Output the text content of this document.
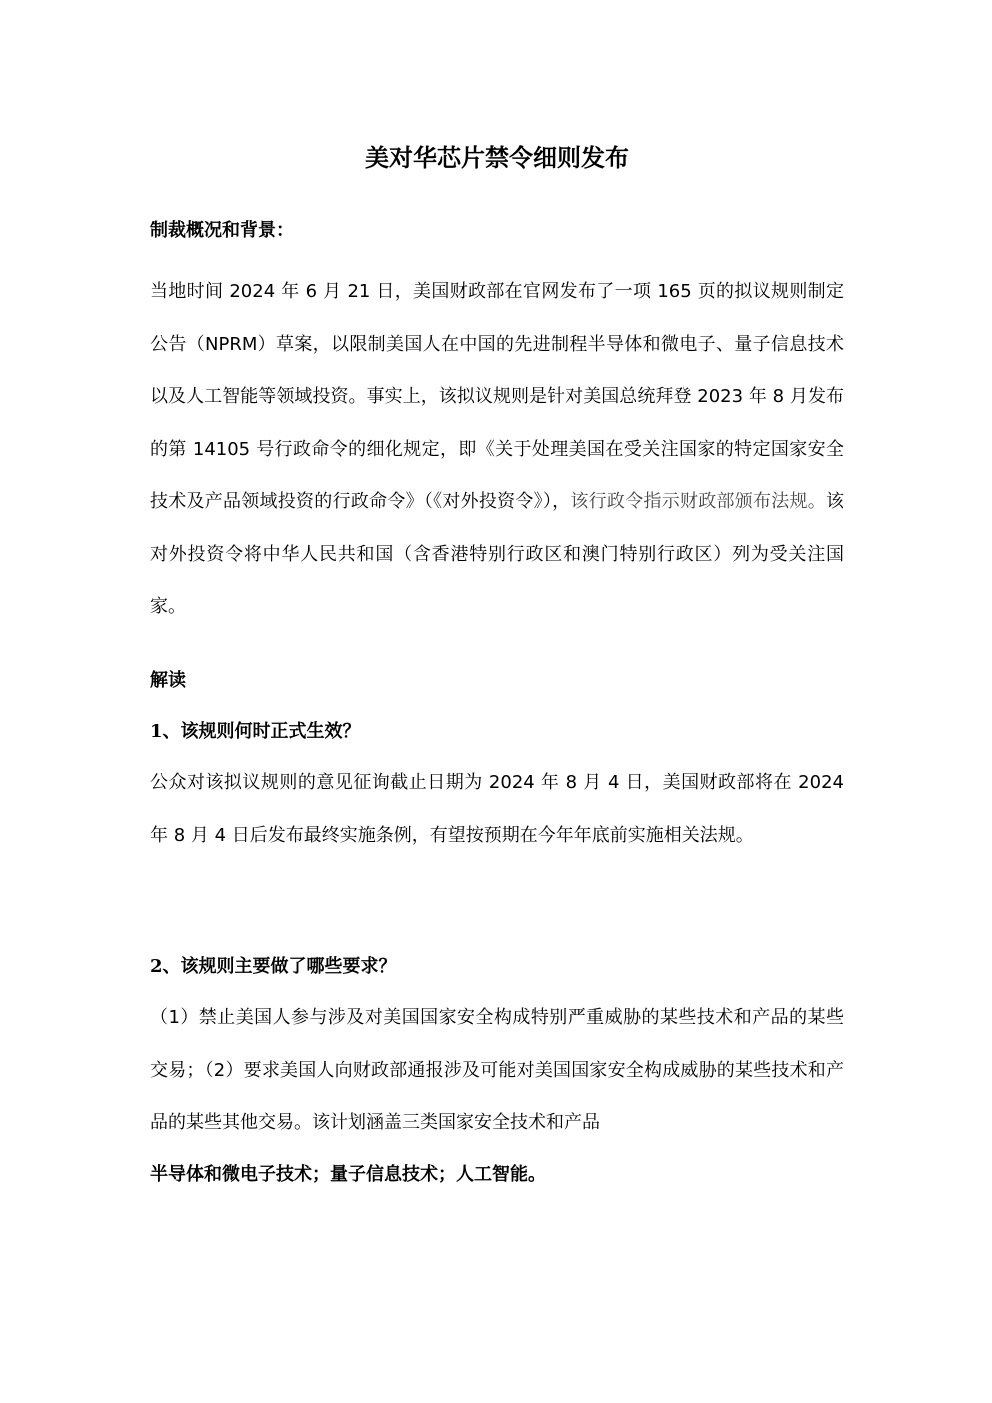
美对华芯片禁令细则发布
制裁概况和背景：
当地时间 2024 年 6 月 21 日，美国财政部在官网发布了一项 165 页的拟议规则制定公告（NPRM）草案，以限制美国人在中国的先进制程半导体和微电子、量子信息技术以及人工智能等领域投资。事实上，该拟议规则是针对美国总统拜登 2023 年 8 月发布的第 14105 号行政命令的细化规定，即《关于处理美国在受关注国家的特定国家安全技术及产品领域投资的行政命令》（《对外投资令》），该行政令指示财政部颁布法规。该对外投资令将中华人民共和国（含香港特别行政区和澳门特别行政区）列为受关注国家。
解读
1、该规则何时正式生效？
公众对该拟议规则的意见征询截止日期为 2024 年 8 月 4 日，美国财政部将在 2024 年 8 月 4 日后发布最终实施条例，有望按预期在今年年底前实施相关法规。
2、该规则主要做了哪些要求？
（1）禁止美国人参与涉及对美国国家安全构成特别严重威胁的某些技术和产品的某些交易；（2）要求美国人向财政部通报涉及可能对美国国家安全构成威胁的某些技术和产品的某些其他交易。该计划涵盖三类国家安全技术和产品
半导体和微电子技术；量子信息技术；人工智能。
